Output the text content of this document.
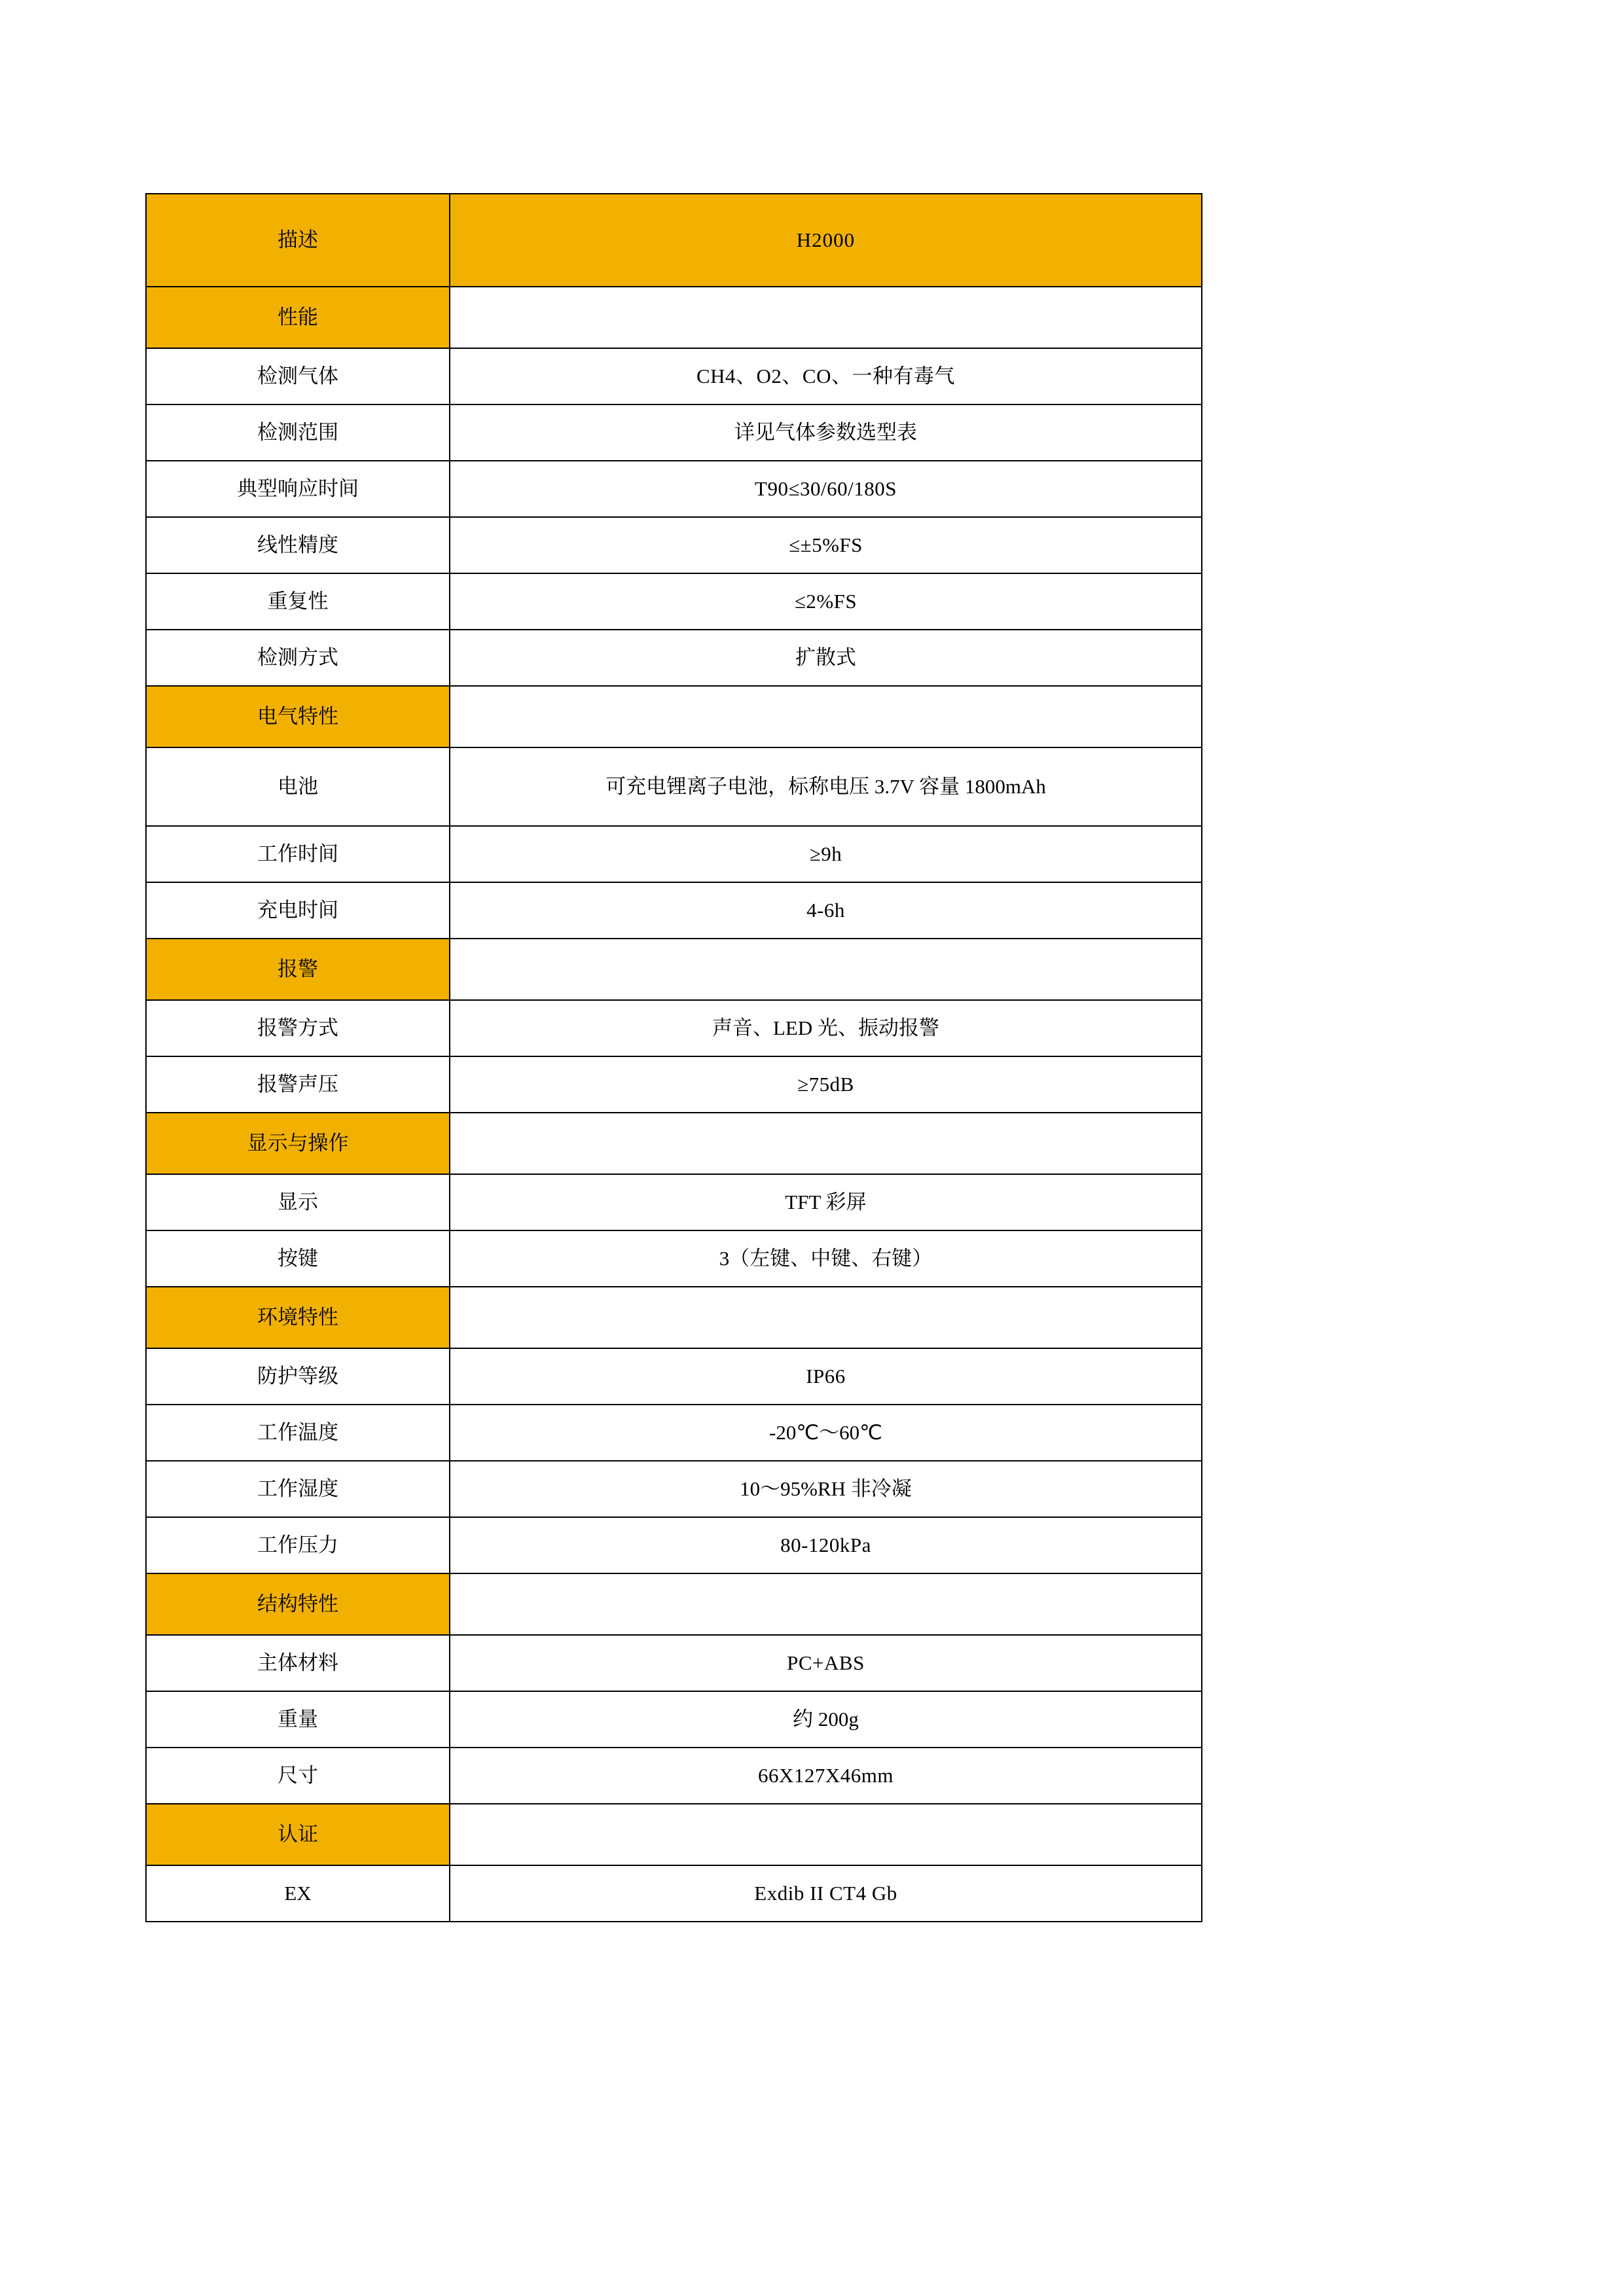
描述	H2000
性能	
检测气体	CH4、O2、CO、一种有毒气
检测范围	详见气体参数选型表
典型响应时间	T90≤30/60/180S
线性精度	≤±5%FS
重复性	≤2%FS
检测方式	扩散式
电气特性	
电池	可充电锂离子电池，标称电压 3.7V 容量 1800mAh
工作时间	≥9h
充电时间	4-6h
报警	
报警方式	声音、LED 光、振动报警
报警声压	≥75dB
显示与操作	
显示	TFT 彩屏
按键	3（左键、中键、右键）
环境特性	
防护等级	IP66
工作温度	-20℃～60℃
工作湿度	10～95%RH 非冷凝
工作压力	80-120kPa
结构特性	
主体材料	PC+ABS
重量	约 200g
尺寸	66X127X46mm
认证	
EX	Exdib II CT4 Gb
